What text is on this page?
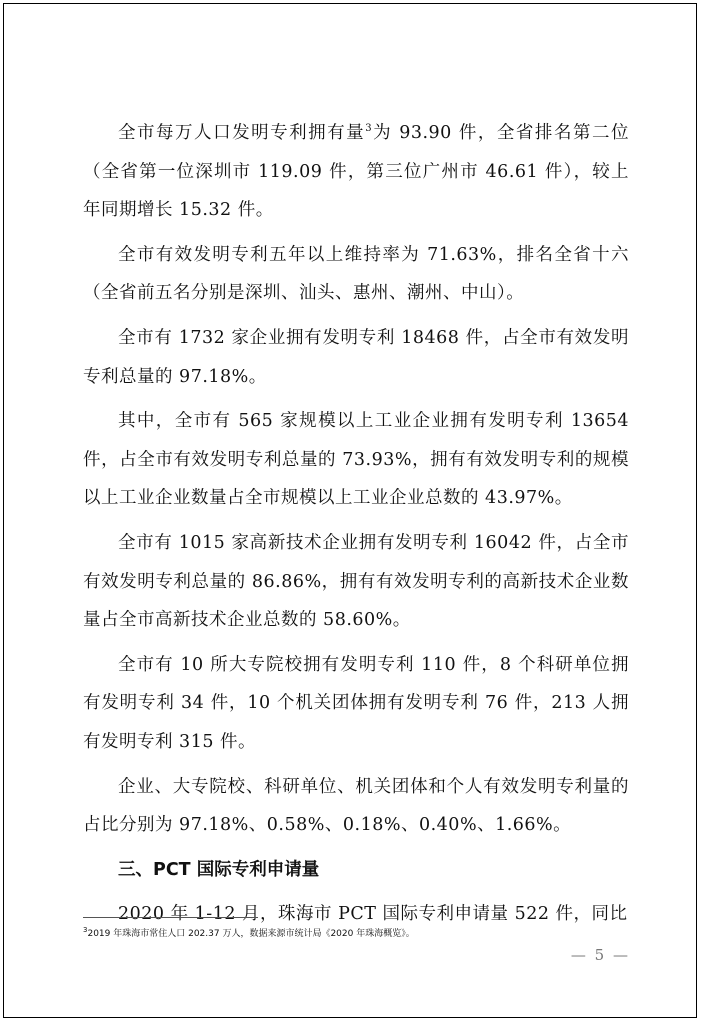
全市每万人口发明专利拥有量$^3$为 93.90 件，全省排名第二位（全省第一位深圳市 119.09 件，第三位广州市 46.61 件），较上年同期增长 15.32 件。

全市有效发明专利五年以上维持率为 71.63%，排名全省十六（全省前五名分别是深圳、汕头、惠州、潮州、中山）。

全市有 1732 家企业拥有发明专利 18468 件，占全市有效发明专利总量的 97.18%。

其中，全市有 565 家规模以上工业企业拥有发明专利 13654 件，占全市有效发明专利总量的 73.93%，拥有有效发明专利的规模以上工业企业数量占全市规模以上工业企业总数的 43.97%。

全市有 1015 家高新技术企业拥有发明专利 16042 件，占全市有效发明专利总量的 86.86%，拥有有效发明专利的高新技术企业数量占全市高新技术企业总数的 58.60%。

全市有 10 所大专院校拥有发明专利 110 件，8 个科研单位拥有发明专利 34 件，10 个机关团体拥有发明专利 76 件，213 人拥有发明专利 315 件。

企业、大专院校、科研单位、机关团体和个人有效发明专利量的占比分别为 97.18%、0.58%、0.18%、0.40%、1.66%。

三、PCT 国际专利申请量

2020 年 1-12 月，珠海市 PCT 国际专利申请量 522 件，同比

$^3$2019 年珠海市常住人口 202.37 万人，数据来源市统计局《2020 年珠海概览》。
— 5 —
